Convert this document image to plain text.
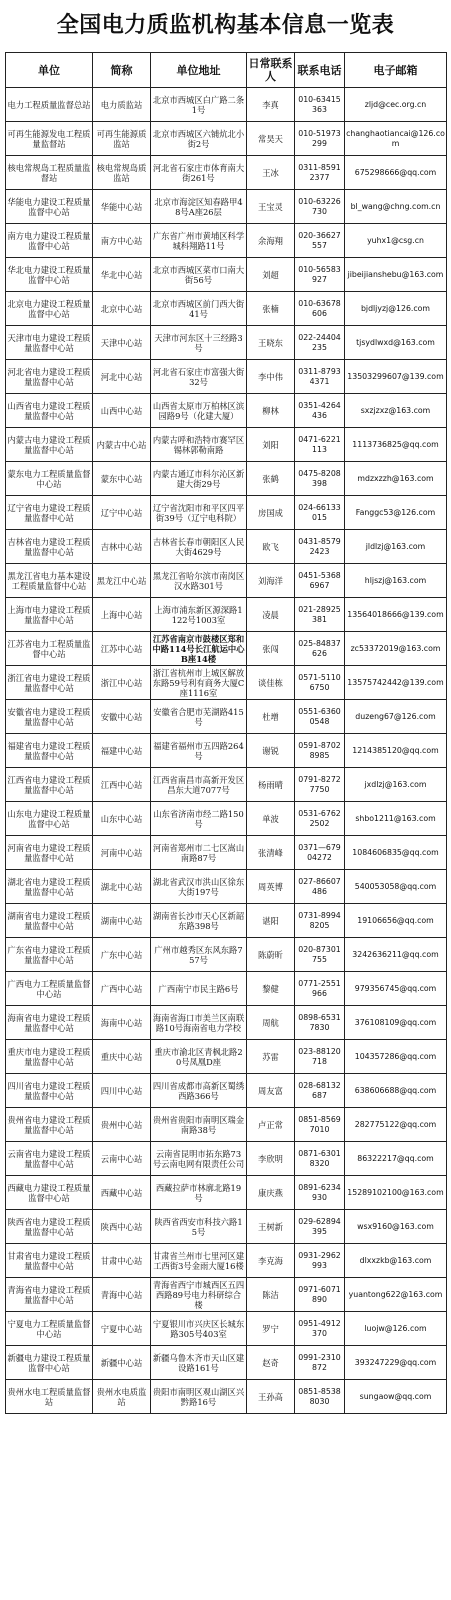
全国电力质监机构基本信息一览表
单位	简称	单位地址	日常联系人	联系电话	电子邮箱
电力工程质量监督总站	电力质监站	北京市西城区白广路二条1号	李真	010-63415363	zljd@cec.org.cn
可再生能源发电工程质量监督站	可再生能源质监站	北京市西城区六铺炕北小街2号	常昊天	010-51973299	changhaotiancai@126.com
核电常规岛工程质量监督站	核电常规岛质监站	河北省石家庄市体育南大街261号	王冰	0311-85912377	675298666@qq.com
华能电力建设工程质量监督中心站	华能中心站	北京市海淀区知春路甲48号A座26层	王宝灵	010-63226730	bl_wang@chng.com.cn
南方电力建设工程质量监督中心站	南方中心站	广东省广州市黄埔区科学城科翔路11号	余海翔	020-36627557	yuhx1@csg.cn
华北电力建设工程质量监督中心站	华北中心站	北京市西城区菜市口南大街56号	刘超	010-56583927	jibeijianshebu@163.com
北京电力建设工程质量监督中心站	北京中心站	北京市西城区前门西大街41号	张楠	010-63678606	bjdljyzj@126.com
天津市电力建设工程质量监督中心站	天津中心站	天津市河东区十三经路3号	王晓东	022-24404235	tjsydlwxd@163.com
河北省电力建设工程质量监督中心站	河北中心站	河北省石家庄市富强大街32号	李中伟	0311-87934371	13503299607@139.com
山西省电力建设工程质量监督中心站	山西中心站	山西省太原市万柏林区滨园路9号（化建大厦）	柳林	0351-4264436	sxzjzxz@163.com
内蒙古电力建设工程质量监督中心站	内蒙古中心站	内蒙古呼和浩特市赛罕区锡林郭勒南路	刘阳	0471-6221113	1113736825@qq.com
蒙东电力工程质量监督中心站	蒙东中心站	内蒙古通辽市科尔沁区新建大街29号	张鹤	0475-8208398	mdzxzzh@163.com
辽宁省电力建设工程质量监督中心站	辽宁中心站	辽宁省沈阳市和平区四平街39号（辽宁电科院）	房国成	024-66133015	Fanggc53@126.com
吉林省电力建设工程质量监督中心站	吉林中心站	吉林省长春市朝阳区人民大街4629号	欧飞	0431-85792423	jldlzj@163.com
黑龙江省电力基本建设工程质量监督中心站	黑龙江中心站	黑龙江省哈尔滨市南岗区汉水路301号	刘海洋	0451-53686967	hljszj@163.com
上海市电力建设工程质量监督中心站	上海中心站	上海市浦东新区源深路1122号1003室	凌晨	021-28925381	13564018666@139.com
江苏省电力工程质量监督中心站	江苏中心站	江苏省南京市鼓楼区郑和中路114号长江航运中心B座14楼	张闯	025-84837626	zc53372019@163.com
浙江省电力建设工程质量监督中心站	浙江中心站	浙江省杭州市上城区解放东路59号利有商务大厦C座1116室	谈佳栋	0571-51106750	13575742442@139.com
安徽省电力建设工程质量监督中心站	安徽中心站	安徽省合肥市芜湖路415号	杜增	0551-63600548	duzeng67@126.com
福建省电力建设工程质量监督中心站	福建中心站	福建省福州市五四路264号	谢锐	0591-87028985	1214385120@qq.com
江西省电力建设工程质量监督中心站	江西中心站	江西省南昌市高新开发区昌东大道7077号	杨雨晴	0791-82727750	jxdlzj@163.com
山东电力建设工程质量监督中心站	山东中心站	山东省济南市经二路150号	单波	0531-67622502	shbo1211@163.com
河南省电力建设工程质量监督中心站	河南中心站	河南省郑州市二七区嵩山南路87号	张清峰	0371—67904272	1084606835@qq.com
湖北省电力建设工程质量监督中心站	湖北中心站	湖北省武汉市洪山区徐东大街197号	周英博	027-86607486	540053058@qq.com
湖南省电力建设工程质量监督中心站	湖南中心站	湖南省长沙市天心区新韶东路398号	谌阳	0731-89948205	19106656@qq.com
广东省电力建设工程质量监督中心站	广东中心站	广州市越秀区东风东路757号	陈蔚昕	020-87301755	3242636211@qq.com
广西电力工程质量监督中心站	广西中心站	广西南宁市民主路6号	黎健	0771-2551966	979356745@qq.com
海南省电力建设工程质量监督中心站	海南中心站	海南省海口市美兰区南联路10号海南省电力学校	周航	0898-65317830	376108109@qq.com
重庆市电力建设工程质量监督中心站	重庆中心站	重庆市渝北区青枫北路20号凤凰D座	苏雷	023-88120718	104357286@qq.com
四川省电力建设工程质量监督中心站	四川中心站	四川省成都市高新区蜀绣西路366号	周友富	028-68132687	638606688@qq.com
贵州省电力建设工程质量监督中心站	贵州中心站	贵州省贵阳市南明区瑞金南路38号	卢正常	0851-85697010	282775122@qq.com
云南省电力建设工程质量监督中心站	云南中心站	云南省昆明市拓东路73号云南电网有限责任公司	李欣明	0871-63018320	86322217@qq.com
西藏电力建设工程质量监督中心站	西藏中心站	西藏拉萨市林廓北路19号	康庆燕	0891-6234930	15289102100@163.com
陕西省电力建设工程质量监督中心站	陕西中心站	陕西省西安市科技六路15号	王树新	029-62894395	wsx9160@163.com
甘肃省电力建设工程质量监督中心站	甘肃中心站	甘肃省兰州市七里河区建工西街3号金雨大厦16楼	李克海	0931-2962993	dlxxzkb@163.com
青海省电力建设工程质量监督中心站	青海中心站	青海省西宁市城西区五四西路89号电力科研综合楼	陈洁	0971-6071890	yuantong622@163.com
宁夏电力工程质量监督中心站	宁夏中心站	宁夏银川市兴庆区长城东路305号403室	罗宁	0951-4912370	luojw@126.com
新疆电力建设工程质量监督中心站	新疆中心站	新疆乌鲁木齐市天山区建设路161号	赵奇	0991-2310872	393247229@qq.com
贵州水电工程质量监督站	贵州水电质监站	贵阳市南明区观山湖区兴黔路16号	王孙高	0851-85388030	sungaow@qq.com
